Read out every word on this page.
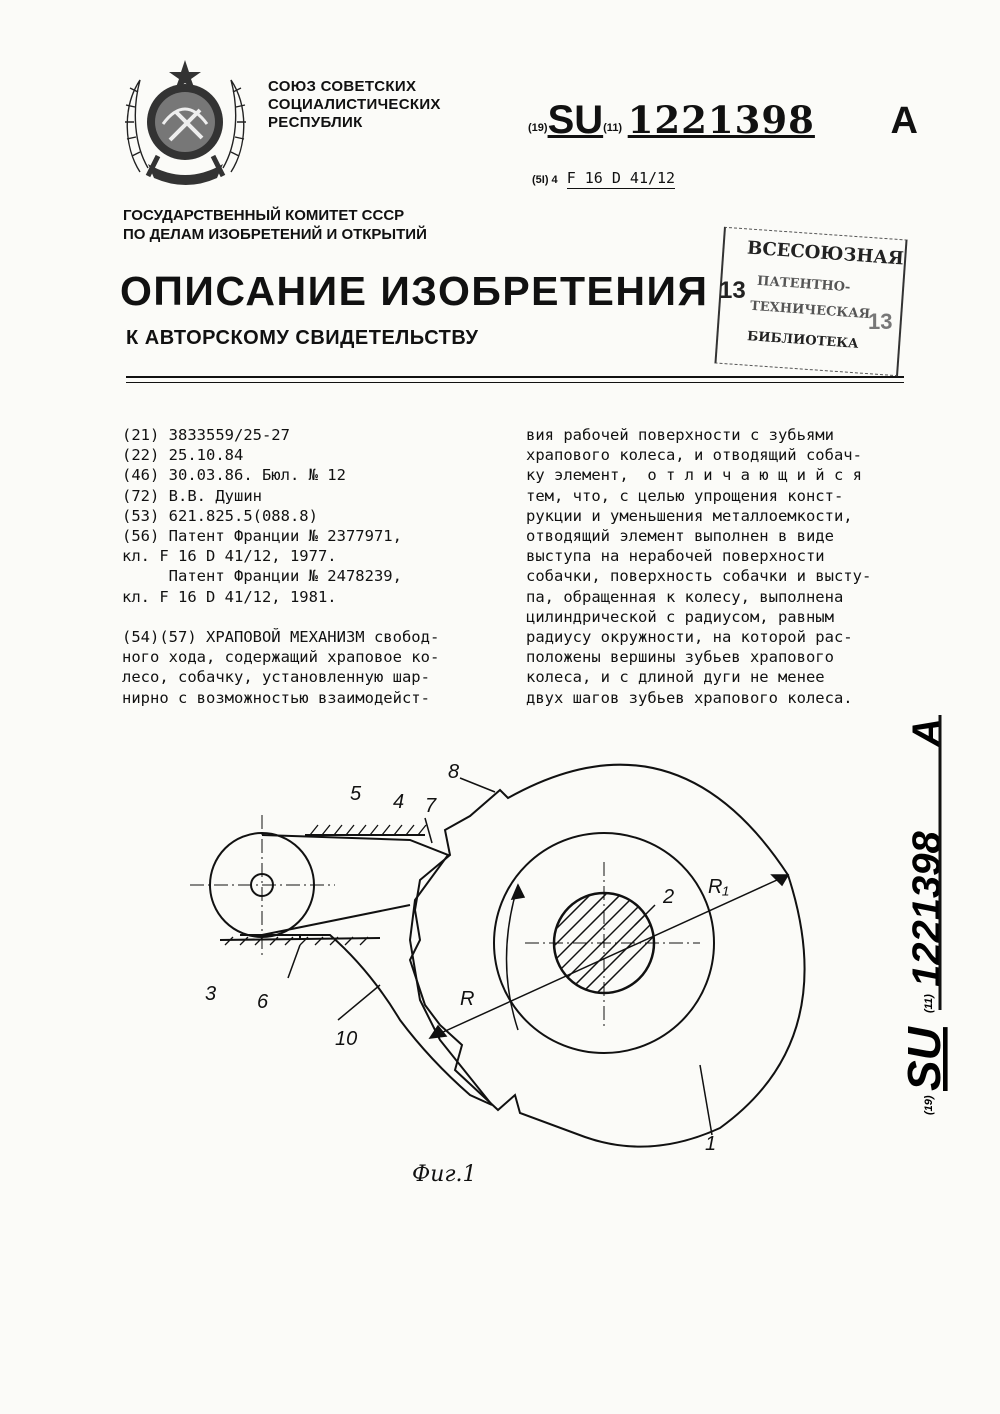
СОЮЗ СОВЕТСКИХ
СОЦИАЛИСТИЧЕСКИХ
РЕСПУБЛИК	(19)SU(11) 1221398 A
(5I) 4 F 16 D 41/12
ГОСУДАРСТВЕННЫЙ КОМИТЕТ СССР
ПО ДЕЛАМ ИЗОБРЕТЕНИЙ И ОТКРЫТИЙ
ОПИСАНИЕ ИЗОБРЕТЕНИЯ
К АВТОРСКОМУ СВИДЕТЕЛЬСТВУ
ВСЕСОЮЗНАЯ
ПАТЕНТНО-
ТЕХНИЧЕСКАЯ
БИБЛИОТЕКА
13
13
(21) 3833559/25-27
(22) 25.10.84
(46) 30.03.86. Бюл. № 12
(72) В.В. Душин
(53) 621.825.5(088.8)
(56) Патент Франции № 2377971,
кл. F 16 D 41/12, 1977.
Патент Франции № 2478239,
кл. F 16 D 41/12, 1981.
(54)(57) ХРАПОВОЙ МЕХАНИЗМ свобод-
ного хода, содержащий храповое ко-
лесо, собачку, установленную шар-
нирно с возможностью взаимодейст-
вия рабочей поверхности с зубьями
храпового колеса, и отводящий собач-
ку элемент,  о т л и ч а ю щ и й с я
тем, что, с целью упрощения конст-
рукции и уменьшения металлоемкости,
отводящий элемент выполнен в виде
выступа на нерабочей поверхности
собачки, поверхность собачки и высту-
па, обращенная к колесу, выполнена
цилиндрической с радиусом, равным
радиусу окружности, на которой рас-
положены вершины зубьев храпового
колеса, и с длиной дуги не менее
двух шагов зубьев храпового колеса.
(19)
SU
(11)
1221398
A
1
2
3
4
5
6
7
8
10
R
R₁
Фиг.1
